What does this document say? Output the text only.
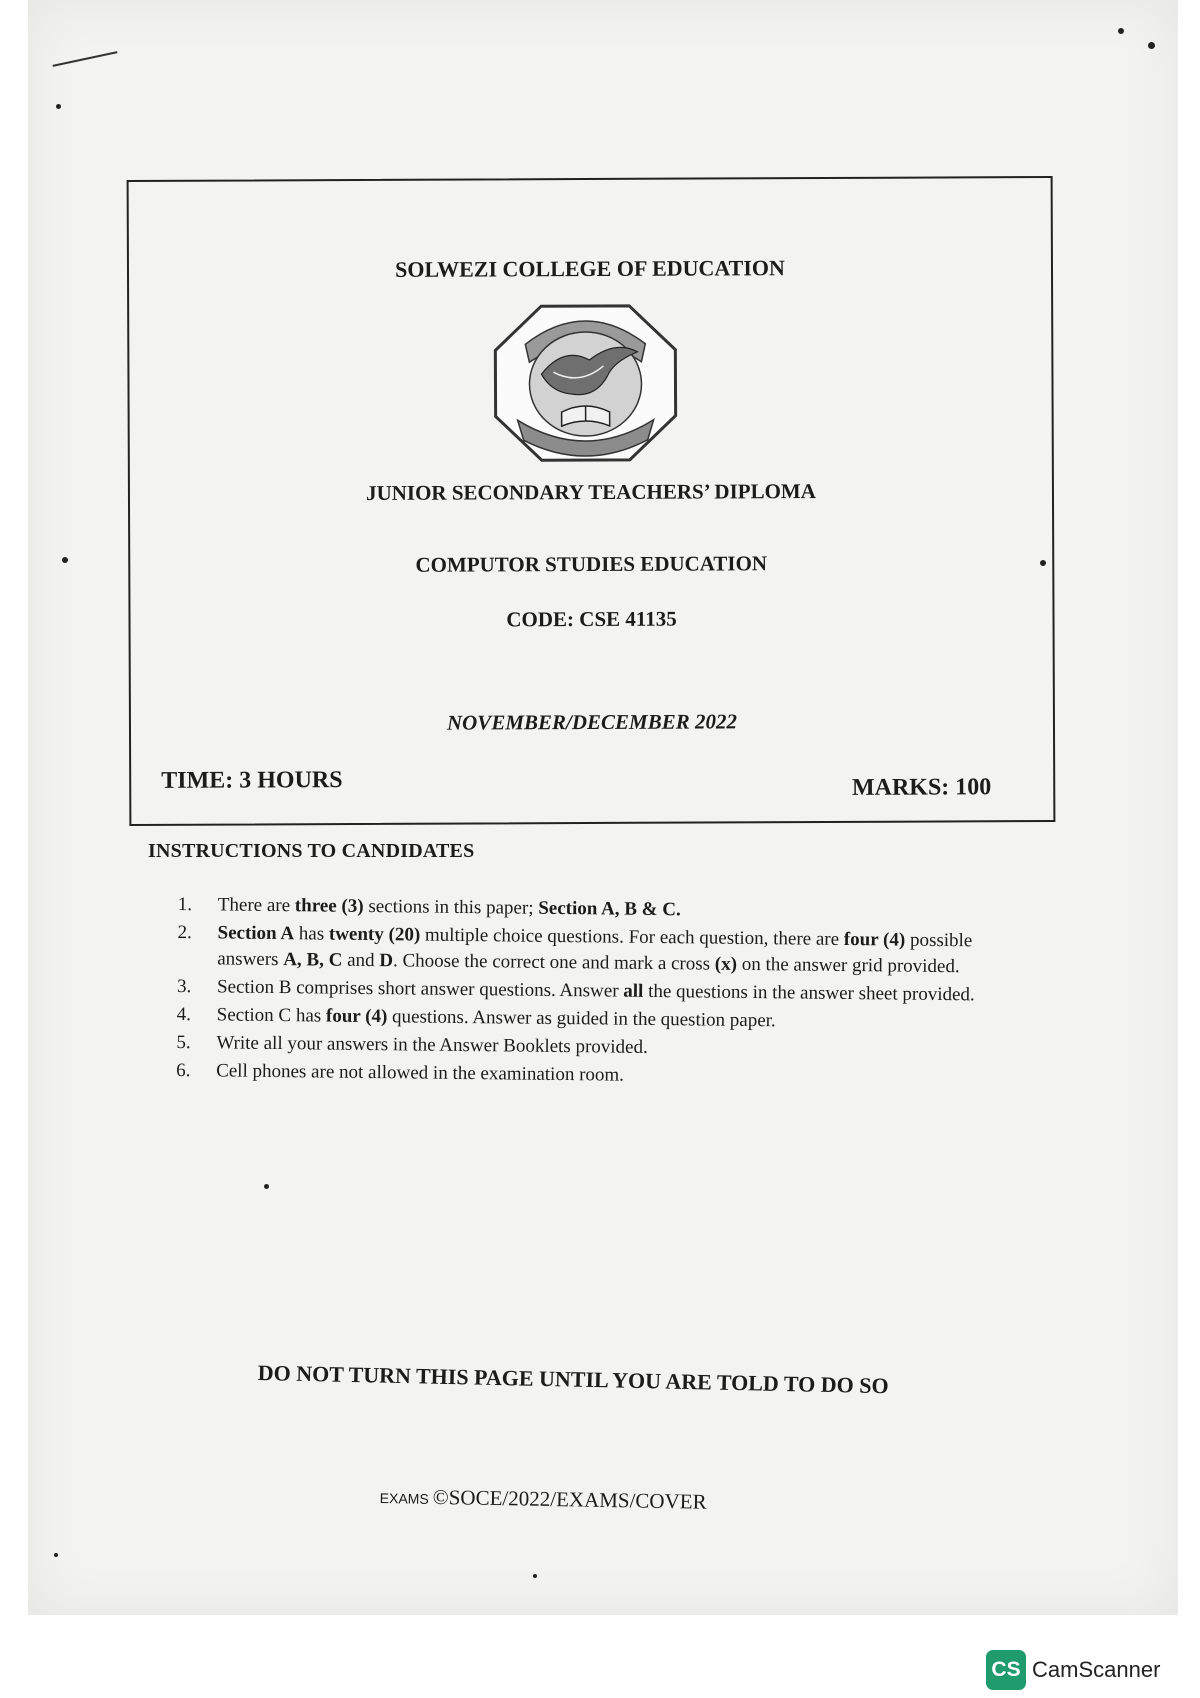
SOLWEZI COLLEGE OF EDUCATION
JUNIOR SECONDARY TEACHERS’ DIPLOMA
COMPUTOR STUDIES EDUCATION
CODE: CSE 41135
NOVEMBER/DECEMBER 2022
TIME: 3 HOURS	MARKS: 100
INSTRUCTIONS TO CANDIDATES
1. There are three (3) sections in this paper; Section A, B & C.
2. Section A has twenty (20) multiple choice questions. For each question, there are four (4) possible answers A, B, C and D. Choose the correct one and mark a cross (x) on the answer grid provided.
3. Section B comprises short answer questions. Answer all the questions in the answer sheet provided.
4. Section C has four (4) questions. Answer as guided in the question paper.
5. Write all your answers in the Answer Booklets provided.
6. Cell phones are not allowed in the examination room.
DO NOT TURN THIS PAGE UNTIL YOU ARE TOLD TO DO SO
EXAMS ©SOCE/2022/EXAMS/COVER
CS CamScanner
